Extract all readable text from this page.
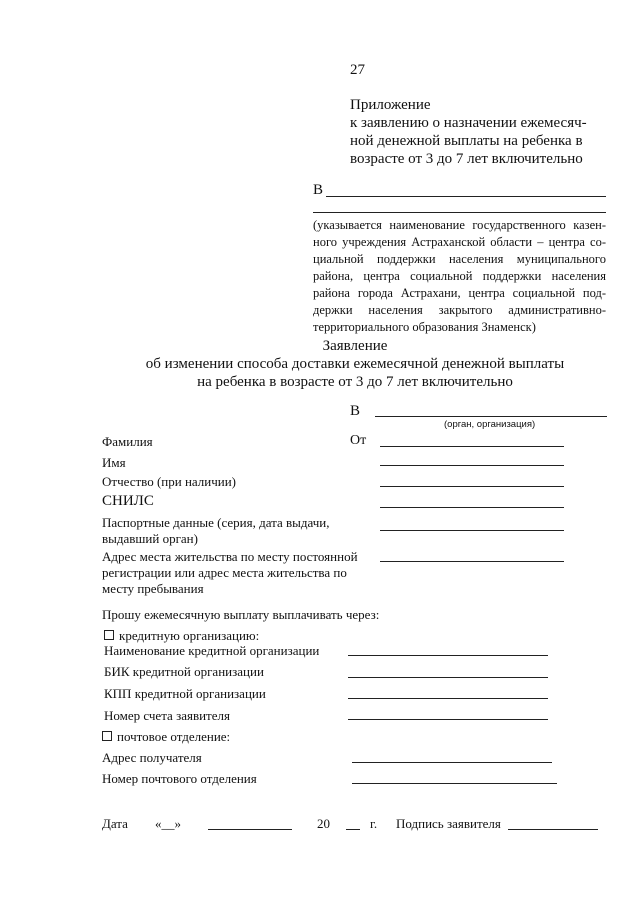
27
Приложение
к заявлению о назначении ежемесяч-
ной денежной выплаты на ребенка в
возрасте от 3 до 7 лет включительно
В
(указывается наименование государственного казен-
ного учреждения Астраханской области – центра со-
циальной поддержки населения муниципального
района, центра социальной поддержки населения
района города Астрахани, центра социальной под-
держки населения закрытого административно-
территориального образования Знаменск)
Заявление
об изменении способа доставки ежемесячной денежной выплаты
на ребенка в возрасте от 3 до 7 лет включительно
В
(орган, организация)
От
Фамилия
Имя
Отчество (при наличии)
СНИЛС
Паспортные данные (серия, дата выдачи,
выдавший орган)
Адрес места жительства по месту постоянной
регистрации или адрес места жительства по
месту пребывания
Прошу ежемесячную выплату выплачивать через:
кредитную организацию:
Наименование кредитной организации
БИК кредитной организации
КПП кредитной организации
Номер счета заявителя
почтовое отделение:
Адрес получателя
Номер почтового отделения
Дата «__»	20	г. Подпись заявителя
